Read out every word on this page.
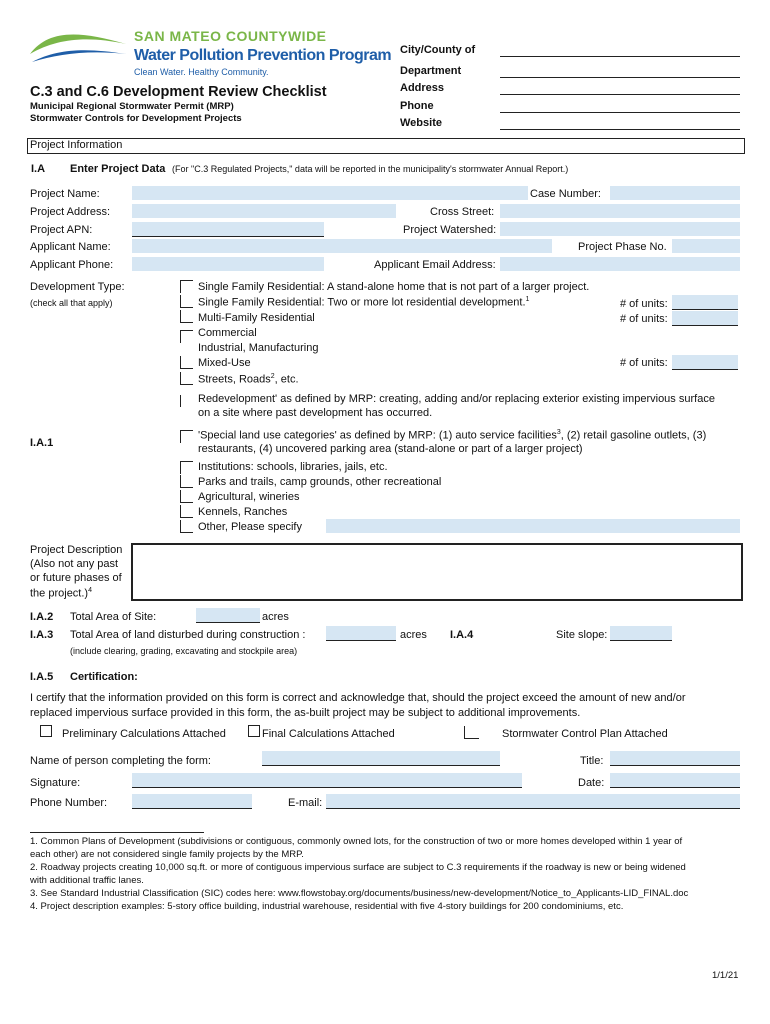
SAN MATEO COUNTYWIDE
Water Pollution Prevention Program
Clean Water. Healthy Community.
C.3 and C.6 Development Review Checklist
Municipal Regional Stormwater Permit (MRP)
Stormwater Controls for Development Projects
City/County of
Department
Address
Phone
Website
Project Information
I.A Enter Project Data (For "C.3 Regulated Projects," data will be reported in the municipality's stormwater Annual Report.)
Project Name:	Case Number:
Project Address:	Cross Street:
Project APN:	Project Watershed:
Applicant Name:	Project Phase No.
Applicant Phone:	Applicant Email Address:
Development Type:
(check all that apply)
Single Family Residential: A stand-alone home that is not part of a larger project.
Single Family Residential: Two or more lot residential development.$^1$	# of units:
Multi-Family Residential	# of units:
Commercial
Industrial, Manufacturing
Mixed-Use	# of units:
Streets, Roads$^2$, etc.
Redevelopment' as defined by MRP: creating, adding and/or replacing exterior existing impervious surface
on a site where past development has occurred.
I.A.1
'Special land use categories' as defined by MRP: (1) auto service facilities$^3$, (2) retail gasoline outlets, (3)
restaurants, (4) uncovered parking area (stand-alone or part of a larger project)
Institutions: schools, libraries, jails, etc.
Parks and trails, camp grounds, other recreational
Agricultural, wineries
Kennels, Ranches
Other, Please specify
Project Description
(Also not any past
or future phases of
the project.)$^4$
I.A.2 Total Area of Site:	acres
I.A.3 Total Area of land disturbed during construction :	acres I.A.4	Site slope:
(include clearing, grading, excavating and stockpile area)
I.A.5 Certification:
I certify that the information provided on this form is correct and acknowledge that, should the project exceed the amount of new and/or
replaced impervious surface provided in this form, the as-built project may be subject to additional improvements.
Preliminary Calculations Attached	Final Calculations Attached	Stormwater Control Plan Attached
Name of person completing the form:	Title:
Signature:	Date:
Phone Number:	E-mail:
1. Common Plans of Development (subdivisions or contiguous, commonly owned lots, for the construction of two or more homes developed within 1 year of
each other) are not considered single family projects by the MRP.
2. Roadway projects creating 10,000 sq.ft. or more of contiguous impervious surface are subject to C.3 requirements if the roadway is new or being widened
with additional traffic lanes.
3. See Standard Industrial Classification (SIC) codes here: www.flowstobay.org/documents/business/new-development/Notice_to_Applicants-LID_FINAL.doc
4. Project description examples: 5-story office building, industrial warehouse, residential with five 4-story buildings for 200 condominiums, etc.
1/1/21
